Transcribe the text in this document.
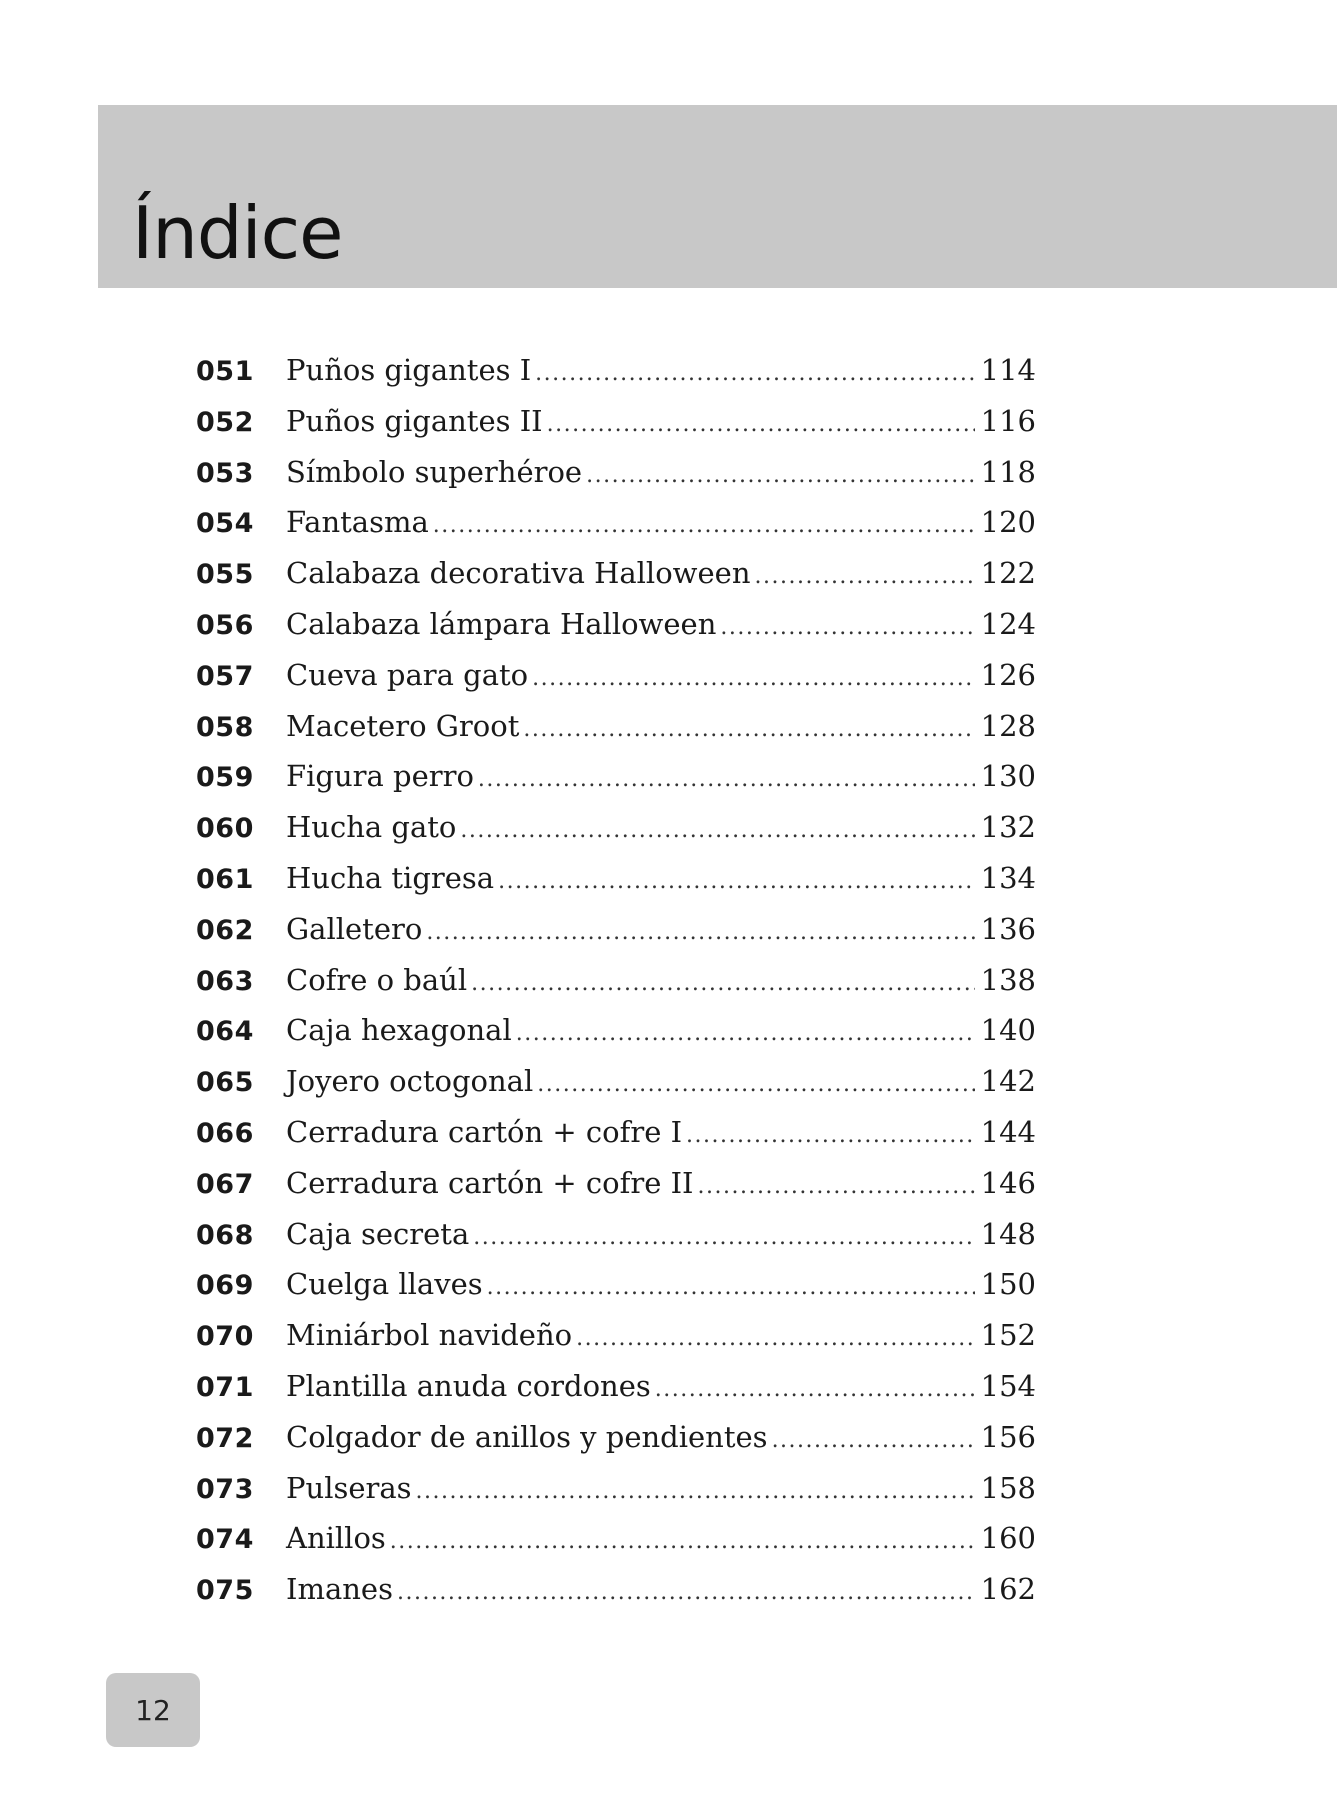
Índice
051	Puños gigantes I .....	114
052	Puños gigantes II .....	116
053	Símbolo superhéroe .....	118
054	Fantasma .....	120
055	Calabaza decorativa Halloween .....	122
056	Calabaza lámpara Halloween .....	124
057	Cueva para gato .....	126
058	Macetero Groot .....	128
059	Figura perro .....	130
060	Hucha gato .....	132
061	Hucha tigresa .....	134
062	Galletero .....	136
063	Cofre o baúl .....	138
064	Caja hexagonal .....	140
065	Joyero octogonal .....	142
066	Cerradura cartón + cofre I .....	144
067	Cerradura cartón + cofre II .....	146
068	Caja secreta .....	148
069	Cuelga llaves .....	150
070	Miniárbol navideño .....	152
071	Plantilla anuda cordones .....	154
072	Colgador de anillos y pendientes .....	156
073	Pulseras .....	158
074	Anillos .....	160
075	Imanes .....	162
12
